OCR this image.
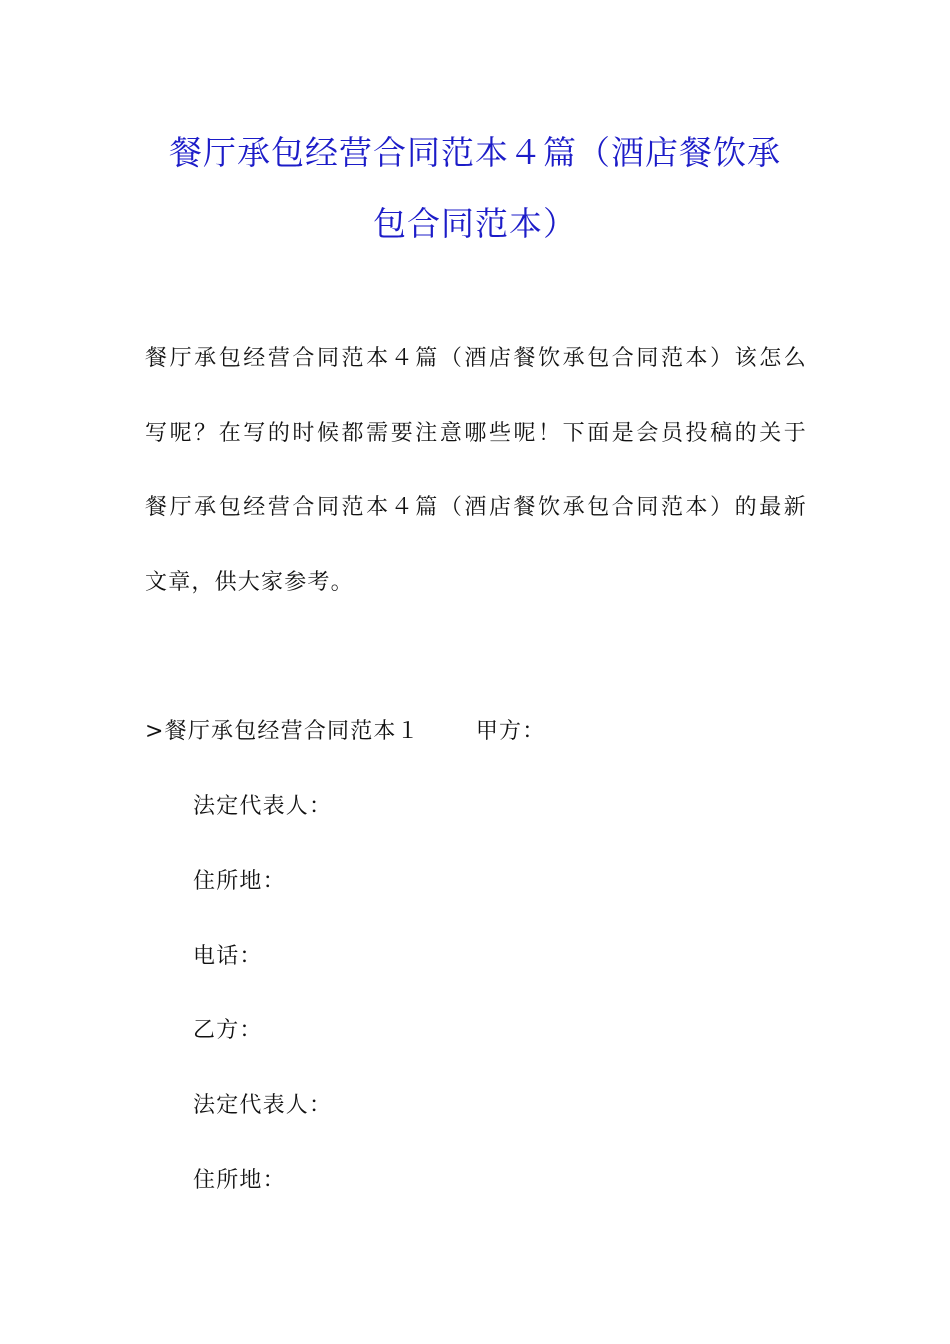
餐厅承包经营合同范本４篇（酒店餐饮承
包合同范本）
餐厅承包经营合同范本４篇（酒店餐饮承包合同范本）该怎么
写呢？在写的时候都需要注意哪些呢！下面是会员投稿的关于
餐厅承包经营合同范本４篇（酒店餐饮承包合同范本）的最新
文章，供大家参考。
>餐厅承包经营合同范本１	甲方：
法定代表人：
住所地：
电话：
乙方：
法定代表人：
住所地：
